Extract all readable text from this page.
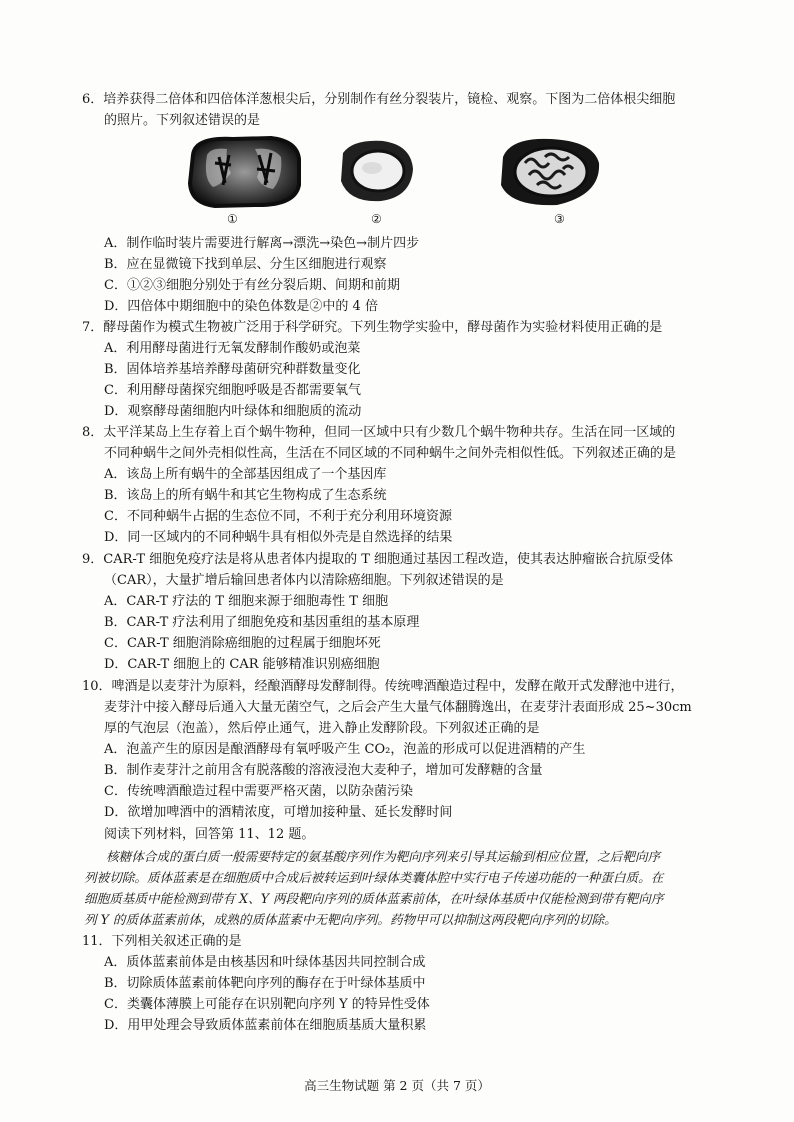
6．培养获得二倍体和四倍体洋葱根尖后，分别制作有丝分裂装片，镜检、观察。下图为二倍体根尖细胞
的照片。下列叙述错误的是
①	②	③
A．制作临时装片需要进行解离→漂洗→染色→制片四步
B．应在显微镜下找到单层、分生区细胞进行观察
C．①②③细胞分别处于有丝分裂后期、间期和前期
D．四倍体中期细胞中的染色体数是②中的 4 倍
7．酵母菌作为模式生物被广泛用于科学研究。下列生物学实验中，酵母菌作为实验材料使用正确的是
A．利用酵母菌进行无氧发酵制作酸奶或泡菜
B．固体培养基培养酵母菌研究种群数量变化
C．利用酵母菌探究细胞呼吸是否都需要氧气
D．观察酵母菌细胞内叶绿体和细胞质的流动
8．太平洋某岛上生存着上百个蜗牛物种，但同一区域中只有少数几个蜗牛物种共存。生活在同一区域的
不同种蜗牛之间外壳相似性高，生活在不同区域的不同种蜗牛之间外壳相似性低。下列叙述正确的是
A．该岛上所有蜗牛的全部基因组成了一个基因库
B．该岛上的所有蜗牛和其它生物构成了生态系统
C．不同种蜗牛占据的生态位不同，不利于充分利用环境资源
D．同一区域内的不同种蜗牛具有相似外壳是自然选择的结果
9．CAR-T 细胞免疫疗法是将从患者体内提取的 T 细胞通过基因工程改造，使其表达肿瘤嵌合抗原受体
（CAR），大量扩增后输回患者体内以清除癌细胞。下列叙述错误的是
A．CAR-T 疗法的 T 细胞来源于细胞毒性 T 细胞
B．CAR-T 疗法利用了细胞免疫和基因重组的基本原理
C．CAR-T 细胞消除癌细胞的过程属于细胞坏死
D．CAR-T 细胞上的 CAR 能够精准识别癌细胞
10．啤酒是以麦芽汁为原料，经酿酒酵母发酵制得。传统啤酒酿造过程中，发酵在敞开式发酵池中进行，
麦芽汁中接入酵母后通入大量无菌空气，之后会产生大量气体翻腾逸出，在麦芽汁表面形成 25~30cm
厚的气泡层（泡盖），然后停止通气，进入静止发酵阶段。下列叙述正确的是
A．泡盖产生的原因是酿酒酵母有氧呼吸产生 CO₂，泡盖的形成可以促进酒精的产生
B．制作麦芽汁之前用含有脱落酸的溶液浸泡大麦种子，增加可发酵糖的含量
C．传统啤酒酿造过程中需要严格灭菌，以防杂菌污染
D．欲增加啤酒中的酒精浓度，可增加接种量、延长发酵时间
阅读下列材料，回答第 11、12 题。
核糖体合成的蛋白质一般需要特定的氨基酸序列作为靶向序列来引导其运输到相应位置，之后靶向序
列被切除。质体蓝素是在细胞质中合成后被转运到叶绿体类囊体腔中实行电子传递功能的一种蛋白质。在
细胞质基质中能检测到带有 X、Y 两段靶向序列的质体蓝素前体，在叶绿体基质中仅能检测到带有靶向序
列 Y 的质体蓝素前体，成熟的质体蓝素中无靶向序列。药物甲可以抑制这两段靶向序列的切除。
11．下列相关叙述正确的是
A．质体蓝素前体是由核基因和叶绿体基因共同控制合成
B．切除质体蓝素前体靶向序列的酶存在于叶绿体基质中
C．类囊体薄膜上可能存在识别靶向序列 Y 的特异性受体
D．用甲处理会导致质体蓝素前体在细胞质基质大量积累
高三生物试题 第 2 页（共 7 页）
